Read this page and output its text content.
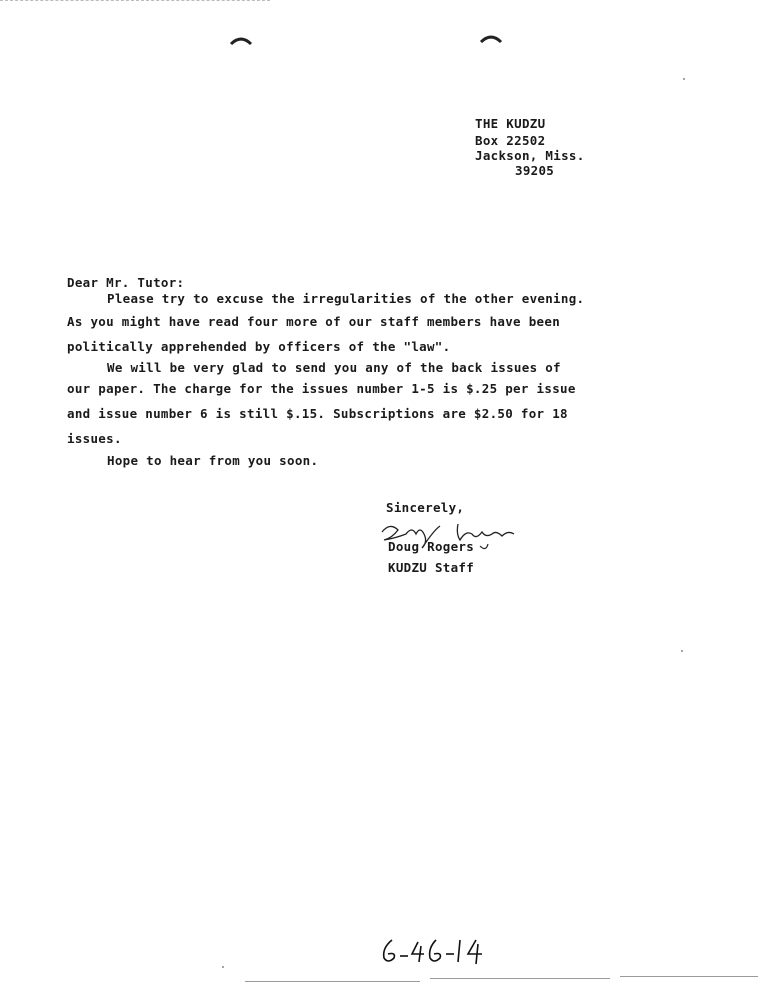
THE KUDZU
Box 22502
Jackson, Miss.
39205
Dear Mr. Tutor:
Please try to excuse the irregularities of the other evening.
As you might have read four more of our staff members have been
politically apprehended by officers of the "law".
We will be very glad to send you any of the back issues of
our paper. The charge for the issues number 1-5 is $.25 per issue
and issue number 6 is still $.15. Subscriptions are $2.50 for 18
issues.
Hope to hear from you soon.
Sincerely,
Doug Rogers
KUDZU Staff
